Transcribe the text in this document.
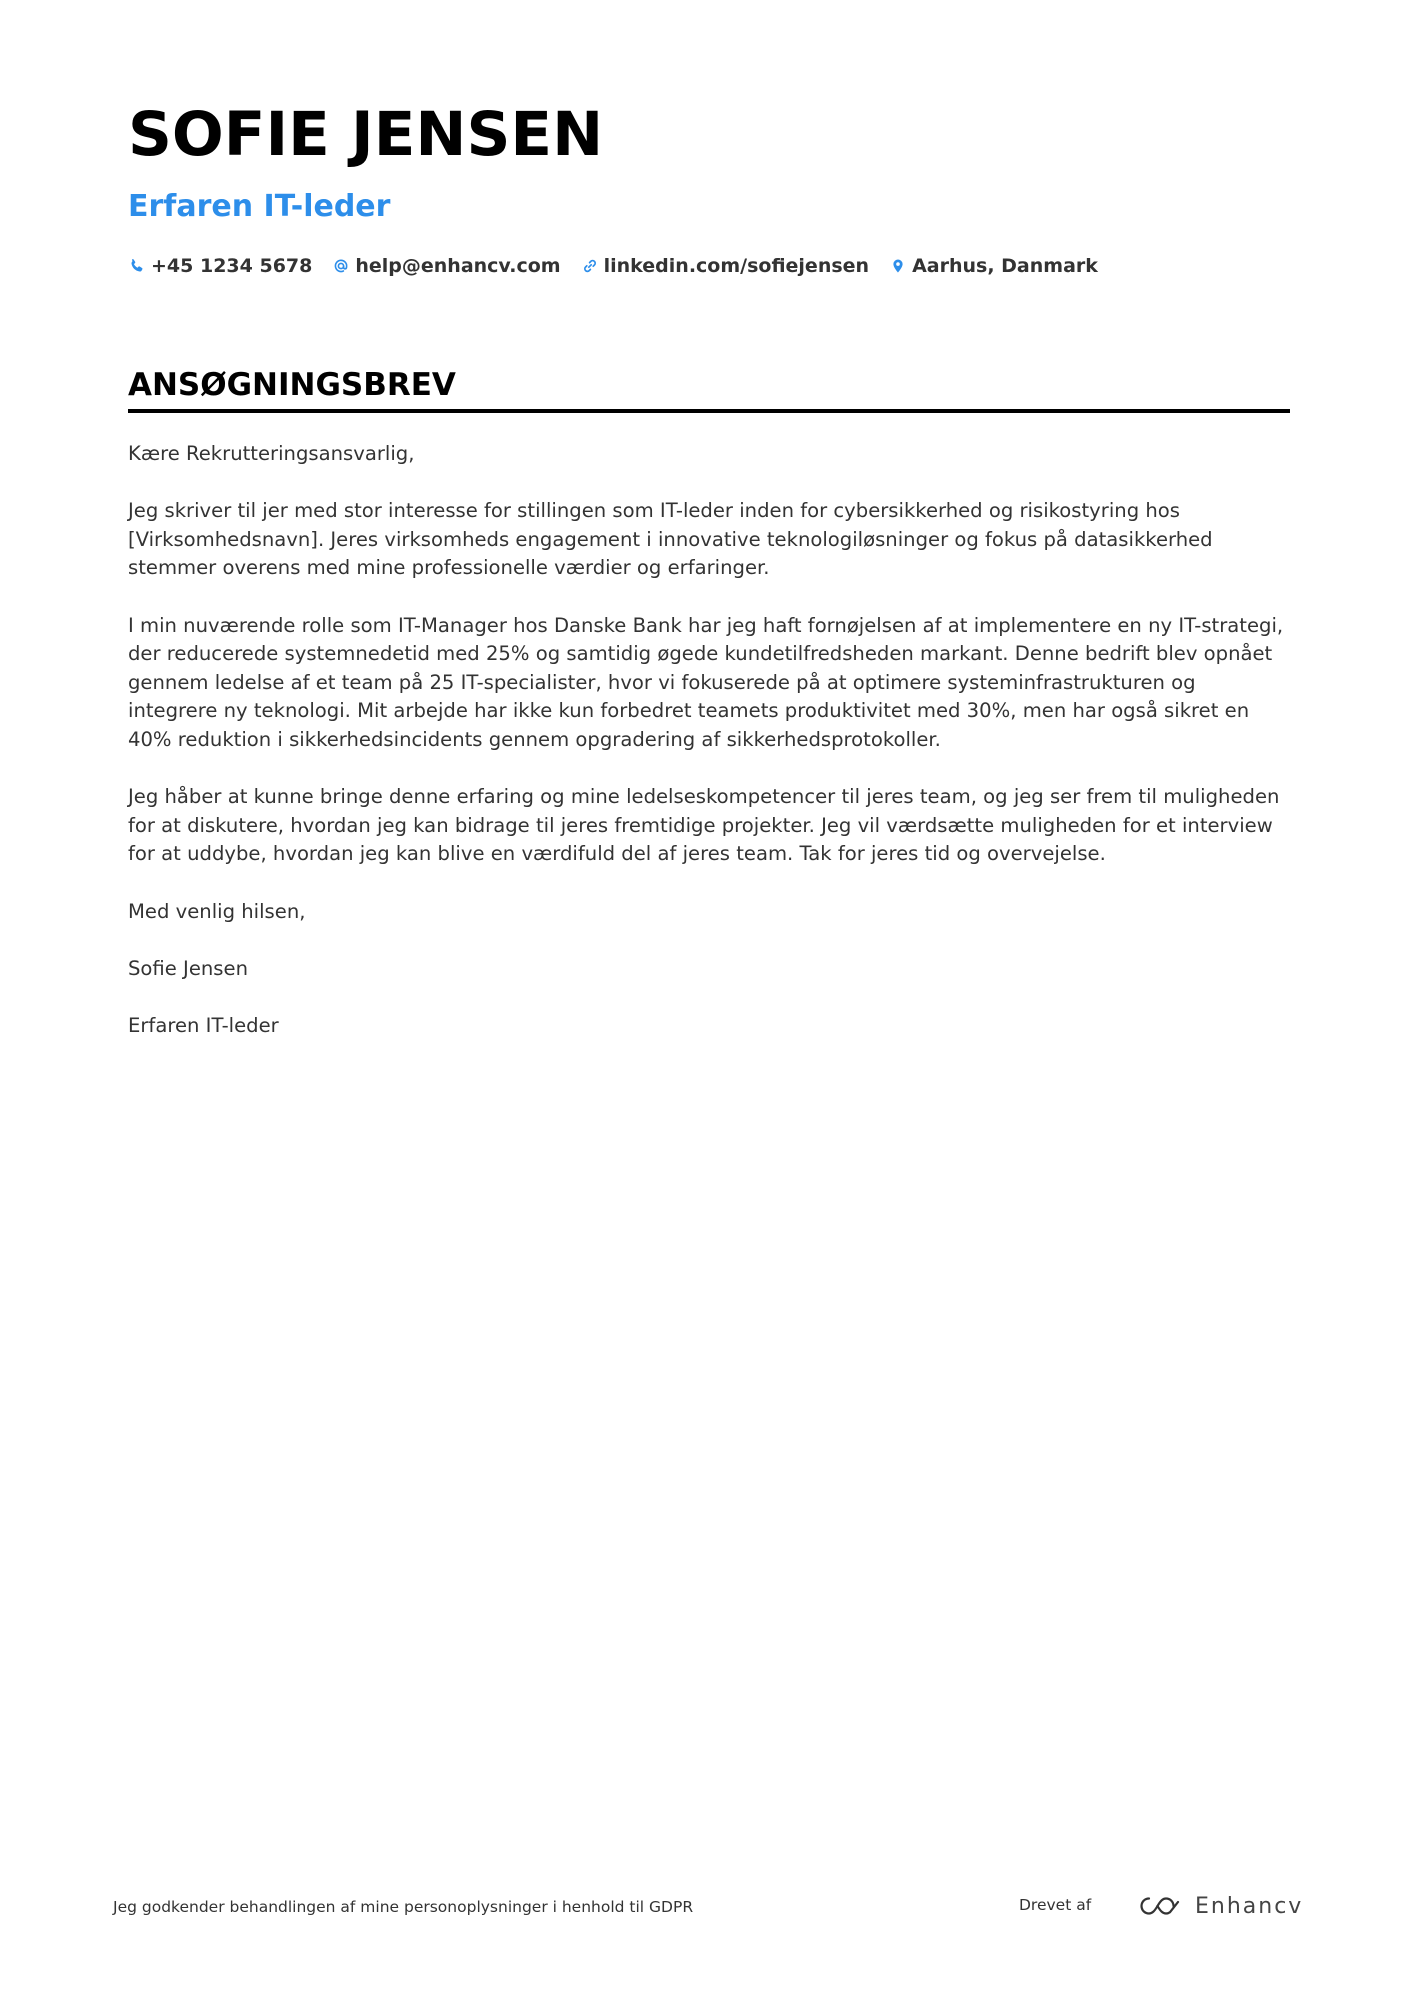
SOFIE JENSEN
Erfaren IT-leder
+45 1234 5678 help@enhancv.com linkedin.com/sofiejensen Aarhus, Danmark
ANSØGNINGSBREV

Kære Rekrutteringsansvarlig,

Jeg skriver til jer med stor interesse for stillingen som IT-leder inden for cybersikkerhed og risikostyring hos [Virksomhedsnavn]. Jeres virksomheds engagement i innovative teknologiløsninger og fokus på datasikkerhed stemmer overens med mine professionelle værdier og erfaringer.

I min nuværende rolle som IT-Manager hos Danske Bank har jeg haft fornøjelsen af at implementere en ny IT-strategi, der reducerede systemnedetid med 25% og samtidig øgede kundetilfredsheden markant. Denne bedrift blev opnået gennem ledelse af et team på 25 IT-specialister, hvor vi fokuserede på at optimere systeminfrastrukturen og integrere ny teknologi. Mit arbejde har ikke kun forbedret teamets produktivitet med 30%, men har også sikret en 40% reduktion i sikkerhedsincidents gennem opgradering af sikkerhedsprotokoller.

Jeg håber at kunne bringe denne erfaring og mine ledelseskompetencer til jeres team, og jeg ser frem til muligheden for at diskutere, hvordan jeg kan bidrage til jeres fremtidige projekter. Jeg vil værdsætte muligheden for et interview for at uddybe, hvordan jeg kan blive en værdifuld del af jeres team. Tak for jeres tid og overvejelse.

Med venlig hilsen,

Sofie Jensen

Erfaren IT-leder

Jeg godkender behandlingen af mine personoplysninger i henhold til GDPR	Drevet af	Enhancv
